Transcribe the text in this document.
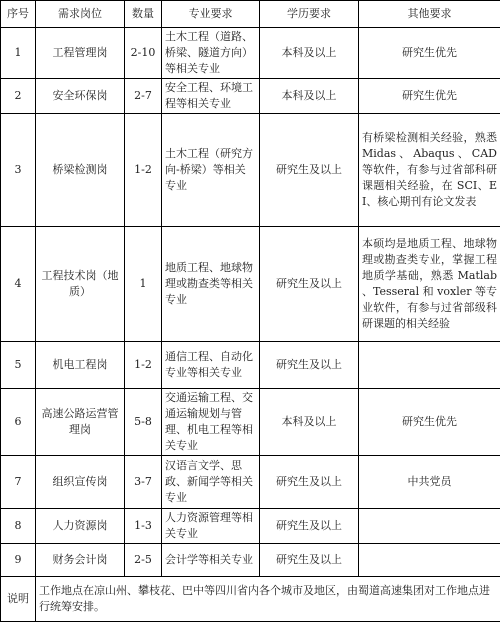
序号	需求岗位	数量	专业要求	学历要求	其他要求
1	工程管理岗	2-10	土木工程（道路、桥梁、隧道方向）等相关专业	本科及以上	研究生优先
2	安全环保岗	2-7	安全工程、环境工程等相关专业	本科及以上	研究生优先
3	桥梁检测岗	1-2	土木工程（研究方向-桥梁）等相关专业	研究生及以上	有桥梁检测相关经验，熟悉 Midas、Abaqus、CAD 等软件，有参与过省部科研课题相关经验，在 SCI、EI、核心期刊有论文发表
4	工程技术岗（地质）	1	地质工程、地球物理或勘查类等相关专业	研究生及以上	本硕均是地质工程、地球物理或勘查类专业，掌握工程地质学基础，熟悉 Matlab 、Tesseral 和 voxler 等专业软件，有参与过省部级科研课题的相关经验
5	机电工程岗	1-2	通信工程、自动化专业等相关专业	研究生及以上	
6	高速公路运营管理岗	5-8	交通运输工程、交通运输规划与管理、机电工程等相关专业	本科及以上	研究生优先
7	组织宣传岗	3-7	汉语言文学、思政、新闻学等相关专业	研究生及以上	中共党员
8	人力资源岗	1-3	人力资源管理等相关专业	研究生及以上	
9	财务会计岗	2-5	会计学等相关专业	研究生及以上	
说明	工作地点在凉山州、攀枝花、巴中等四川省内各个城市及地区，由蜀道高速集团对工作地点进行统筹安排。				
